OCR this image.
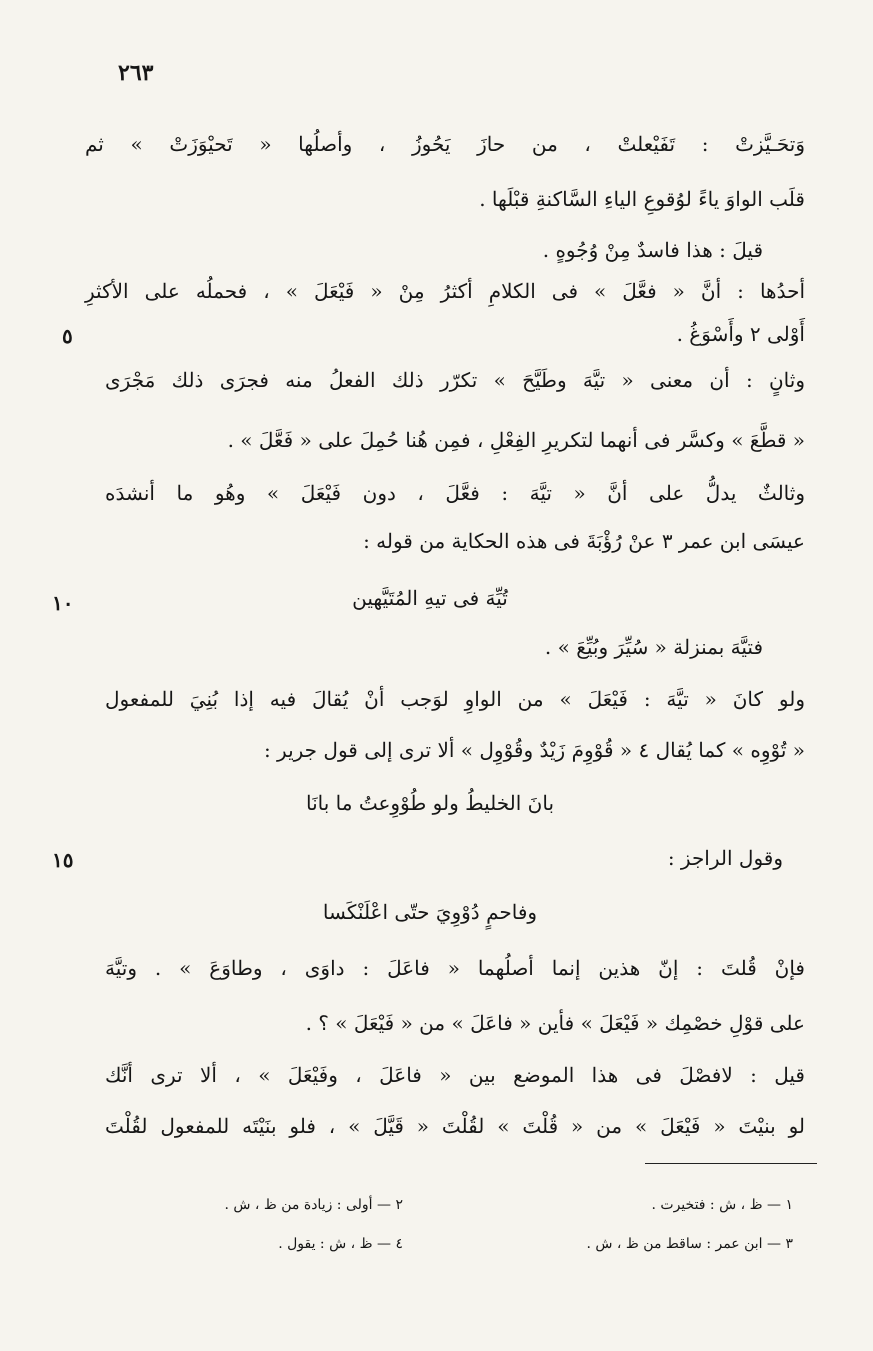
٢٦٣
وَتحَـيَّزتْ : تَفَيْعلتْ ، من حازَ يَحُوزُ ، وأصلُها « تَحيْوَزَتْ » ثم
قلَب الواوَ ياءً لوُقوعِ الياءِ السَّاكنةِ قبْلَها .
قيلَ : هذا فاسدٌ مِنْ وُجُوهٍ .
أحدُها : أنَّ « فعَّلَ » فى الكلامِ أكثرُ مِنْ « فَيْعَلَ » ، فحملُه على الأكثرِ
أَوْلى ٢ وأَسْوَغُ .
٥
وثانٍ : أن معنى « تيَّهَ وطَيَّحَ » تكرّر ذلك الفعلُ منه فجرَى ذلك مَجْرَى
« قطَّعَ » وكسَّر فى أنهما لتكريرِ الفِعْلِ ، فمِن هُنا حُمِلَ على « فَعَّلَ » .
وثالثٌ يدلُّ على أنَّ « تيَّهَ : فعَّلَ ، دون فَيْعَلَ » وهُو ما أنشدَه
عيسَى ابن عمر ٣ عنْ رُؤْبَةَ فى هذه الحكاية من قوله :
١٠	تُيِّهَ فى تيهِ المُتَيَّهين
فتيَّهَ بمنزلة « سُيِّرَ وبُيِّعَ » .
ولو كانَ « تيَّهَ : فَيْعَلَ » من الواوِ لوَجب أنْ يُقالَ فيه إذا بُنِيَ للمفعول
« تُوْوِه » كما يُقال ٤ « قُوْوِمَ زَيْدٌ وقُوْوِل » ألا ترى إلى قول جرير :
بانَ الخليطُ ولو طُوْوِعتُ ما بانَا
١٥	وقول الراجز :
وفاحمٍ دُوْوِيَ حتّى اعْلَنْكَسا
فإنْ قُلتَ : إنّ هذين إنما أصلُهما « فاعَلَ : داوَى ، وطاوَعَ » . وتيَّهَ
على قوْلِ خصْمِك « فَيْعَلَ » فأين « فاعَلَ » من « فَيْعَلَ » ؟ .
قيل : لافصْلَ فى هذا الموضع بين « فاعَلَ ، وفَيْعَلَ » ، ألا ترى أنَّك
لو بنيْتَ « فَيْعَلَ » من « قُلْتَ » لقُلْتَ « قَيَّلَ » ، فلو بنَيْتَه للمفعول لقُلْتَ
١ — ظ ، ش : فتخيرت .
٢ — أولى : زيادة من ظ ، ش .
٣ — ابن عمر : ساقط من ظ ، ش .
٤ — ظ ، ش : يقول .
